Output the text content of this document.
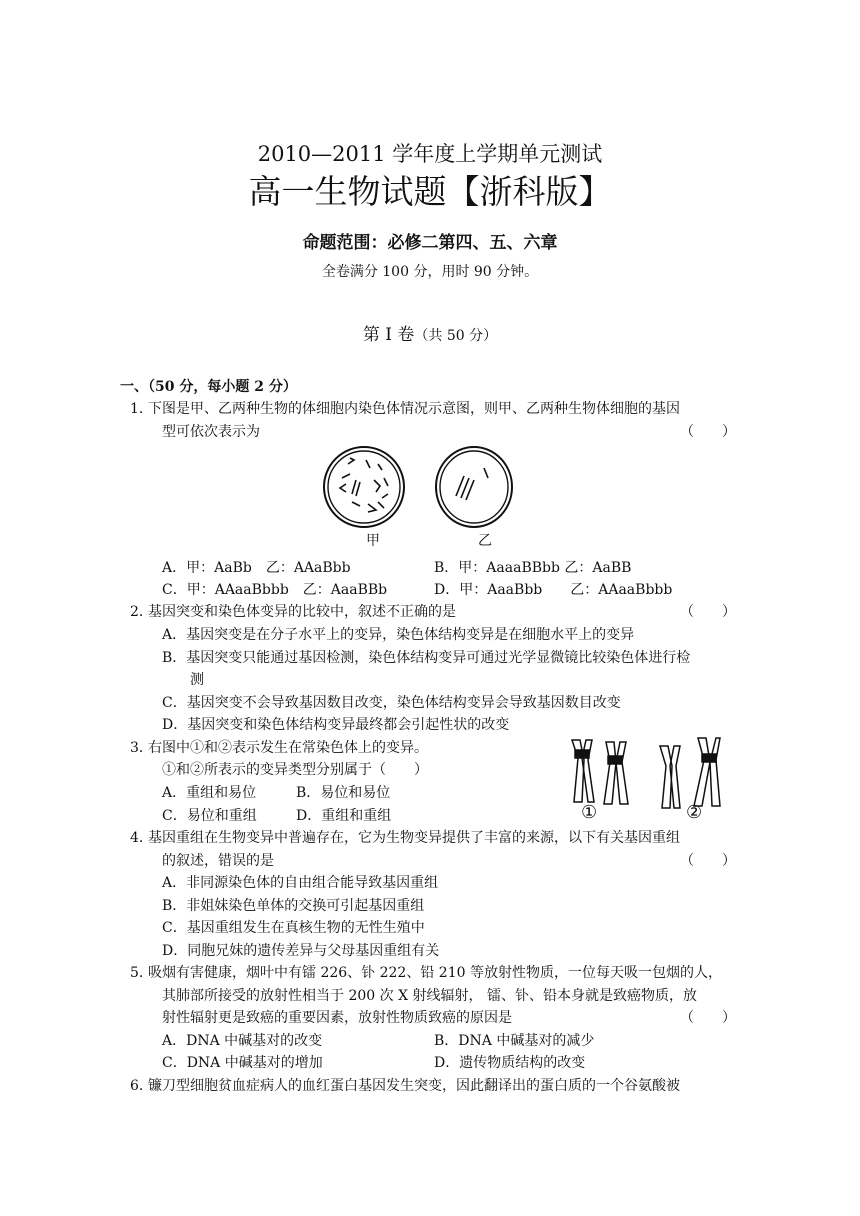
2010—2011 学年度上学期单元测试
高一生物试题【浙科版】
命题范围：必修二第四、五、六章
全卷满分 100 分，用时 90 分钟。
第 Ⅰ 卷（共 50 分）
一、（50 分，每小题 2 分）
1．
下图是甲、乙两种生物的体细胞内染色体情况示意图，则甲、乙两种生物体细胞的基因
型可依次表示为	（　　）
甲	乙
A．甲：AaBb　乙：AAaBbb	B．甲：AaaaBBbb 乙：AaBB
C．甲：AAaaBbbb　乙：AaaBBb	D．甲：AaaBbb　　乙：AAaaBbbb
2．
基因突变和染色体变异的比较中，叙述不正确的是	（　　）
A．基因突变是在分子水平上的变异，染色体结构变异是在细胞水平上的变异
B．基因突变只能通过基因检测，染色体结构变异可通过光学显微镜比较染色体进行检
测
C．基因突变不会导致基因数目改变，染色体结构变异会导致基因数目改变
D．基因突变和染色体结构变异最终都会引起性状的改变
3．
右图中①和②表示发生在常染色体上的变异。
①和②所表示的变异类型分别属于（　　）
A．重组和易位	B．易位和易位
C．易位和重组	D．重组和重组	①	②
4．
基因重组在生物变异中普遍存在，它为生物变异提供了丰富的来源，以下有关基因重组
的叙述，错误的是	（　　）
A．非同源染色体的自由组合能导致基因重组
B．非姐妹染色单体的交换可引起基因重组
C．基因重组发生在真核生物的无性生殖中
D．同胞兄妹的遗传差异与父母基因重组有关
5．
吸烟有害健康，烟叶中有镭 226、钋 222、铅 210 等放射性物质，一位每天吸一包烟的人，
其肺部所接受的放射性相当于 200 次 X 射线辐射， 镭、钋、铅本身就是致癌物质，放
射性辐射更是致癌的重要因素，放射性物质致癌的原因是	（　　）
A．DNA 中碱基对的改变	B．DNA 中碱基对的减少
C．DNA 中碱基对的增加	D．遗传物质结构的改变
6．
镰刀型细胞贫血症病人的血红蛋白基因发生突变，因此翻译出的蛋白质的一个谷氨酸被
